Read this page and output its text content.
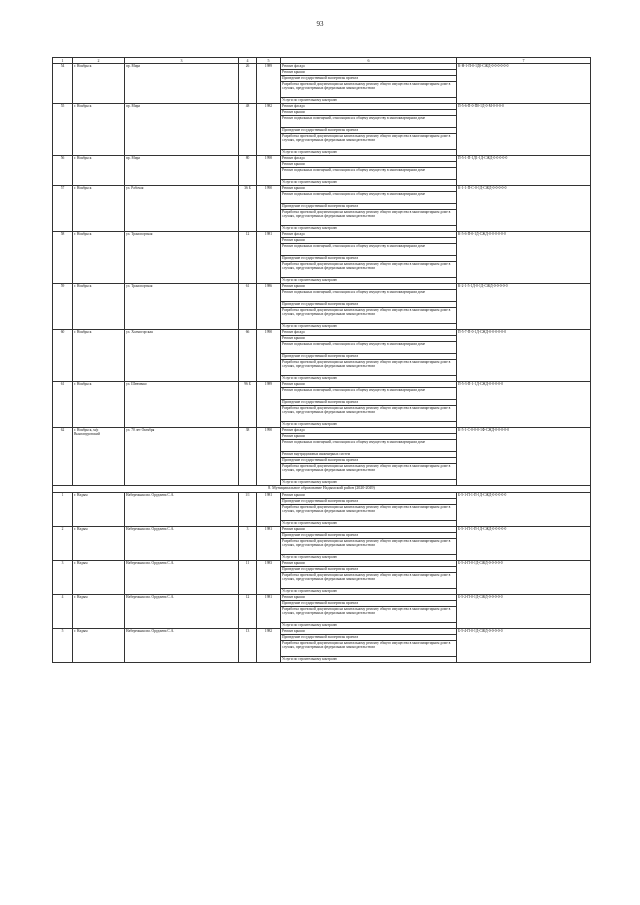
93
1	2	3	4	5	6	7
54	г. Ноябрьск	пр. Мира	26	1989	Ремонт фасада	К-Н-1-П-0-1Д0-СЖД-0-0-0-0-0-0
					Ремонт крыши	
					Проведение государственной экспертизы проекта	
					Разработка проектной документации на капитальному ремонту общего имущества в многоквартирном доме в случаях, предусмотренных федеральным законодательством	
					Услуги по строительному контролю	
55	г. Ноябрьск	пр. Мира	48	1982	Ремонт фасада	П-5-6-П-0-П0-1Д-0-М-0-0-0-0
					Ремонт крыши	
					Ремонт подвальных помещений, относящихся к общему имуществу в многоквартирном доме	
					Проведение государственной экспертизы проекта	
					Разработка проектной документации на капитальному ремонту общего имущества в многоквартирном доме в случаях, предусмотренных федеральным законодательством	
					Услуги по строительному контролю	
56	г. Ноябрьск	пр. Мира	80	1998	Ремонт фасада	П-5-1-П-1Д1-1Д-СЖД-0-0-0-0-0
					Ремонт крыши	
					Ремонт подвальных помещений, относящихся к общему имуществу в многоквартирном доме	
					Услуги по строительному контролю	
57	г. Ноябрьск	ул. Рабочая	36 Б	1990	Ремонт крыши	К-1-1-П-С-0-1Д-СЖД-0-0-0-0-0
					Ремонт подвальных помещений, относящихся к общему имуществу в многоквартирном доме	
					Проведение государственной экспертизы проекта	
					Разработка проектной документации на капитальному ремонту общего имущества в многоквартирном доме в случаях, предусмотренных федеральным законодательством	
					Услуги по строительному контролю	
58	г. Ноябрьск	ул. Транспортная	12	1981	Ремонт фасада	К-5-6-П-0-1Д-СЖД-0-0-0-0-0-0
					Ремонт крыши	
					Ремонт подвальных помещений, относящихся к общему имуществу в многоквартирном доме	
					Проведение государственной экспертизы проекта	
					Разработка проектной документации на капитальному ремонту общего имущества в многоквартирном доме в случаях, предусмотренных федеральным законодательством	
					Услуги по строительному контролю	
59	г. Ноябрьск	ул. Транспортная	61	1986	Ремонт крыши	К-2-1-5-1Д-0-1Д-СЖД-0-0-0-0-0
					Ремонт подвальных помещений, относящихся к общему имуществу в многоквартирном доме	
					Проведение государственной экспертизы проекта	
					Разработка проектной документации на капитальному ремонту общего имущества в многоквартирном доме в случаях, предусмотренных федеральным законодательством	
					Услуги по строительному контролю	
60	г. Ноябрьск	ул. Холмогорская	66	1990	Ремонт фасада	П-5-7-П-0-1Д-СЖД-0-0-0-0-0-0
					Ремонт крыши	
					Ремонт подвальных помещений, относящихся к общему имуществу в многоквартирном доме	
					Проведение государственной экспертизы проекта	
					Разработка проектной документации на капитальному ремонту общего имущества в многоквартирном доме в случаях, предусмотренных федеральным законодательством	
					Услуги по строительному контролю	
61	г. Ноябрьск	ул. Шевченко	96 Б	1989	Ремонт крыши	П-5-3-П-1-1Д-СЖД-0-0-0-0-0
					Ремонт подвальных помещений, относящихся к общему имуществу в многоквартирном доме	
					Проведение государственной экспертизы проекта	
					Разработка проектной документации на капитальному ремонту общего имущества в многоквартирном доме в случаях, предусмотренных федеральным законодательством	
					Услуги по строительному контролю	
62	г. Ноябрьск, м/р Вынгапуровский	ул. 70 лет Октября	38	1990	Ремонт фасада	К-5-1-С-0-0-0-1Ф-СЖД-0-0-0-0-0
					Ремонт крыши	
					Ремонт подвальных помещений, относящихся к общему имуществу в многоквартирном доме	
					Ремонт внутридомовых инженерных систем	
					Проведение государственной экспертизы проекта	
					Разработка проектной документации на капитальному ремонту общего имущества в многоквартирном доме в случаях, предусмотренных федеральным законодательством	
					Услуги по строительному контролю	
8. Муниципальное образование Надымский район (2020-2049)						
1	г. Надым	Набережная им. Оруджева С.А.	1/1	1981	Ремонт крыши	Б-5-1-П-1-П-1Д-СЖД-0-0-0-0-0
					Проведение государственной экспертизы проекта	
					Разработка проектной документации на капитальному ремонту общего имущества в многоквартирном доме в случаях, предусмотренных федеральным законодательством	
					Услуги по строительному контролю	
2	г. Надым	Набережная им. Оруджева С.А.	3	1981	Ремонт крыши	Б-5-1-П-1-П-1Д-СЖД-0-0-0-0-0
					Проведение государственной экспертизы проекта	
					Разработка проектной документации на капитальному ремонту общего имущества в многоквартирном доме в случаях, предусмотренных федеральным законодательством	
					Услуги по строительному контролю	
3	г. Надым	Набережная им. Оруджева С.А.	11	1983	Ремонт крыши	Б-5-4-П-0-1Д-СЖД-0-0-0-0-0
					Проведение государственной экспертизы проекта	
					Разработка проектной документации на капитальному ремонту общего имущества в многоквартирном доме в случаях, предусмотренных федеральным законодательством	
					Услуги по строительному контролю	
4	г. Надым	Набережная им. Оруджева С.А.	12	1981	Ремонт крыши	Б-5-2-П-0-1Д-СЖД-0-0-0-0-0
					Проведение государственной экспертизы проекта	
					Разработка проектной документации на капитальному ремонту общего имущества в многоквартирном доме в случаях, предусмотренных федеральным законодательством	
					Услуги по строительному контролю	
5	г. Надым	Набережная им. Оруджева С.А.	13	1982	Ремонт крыши	Б-5-4-П-0-1Д-СЖД-0-0-0-0-0
					Проведение государственной экспертизы проекта	
					Разработка проектной документации на капитальному ремонту общего имущества в многоквартирном доме в случаях, предусмотренных федеральным законодательством	
					Услуги по строительному контролю	
